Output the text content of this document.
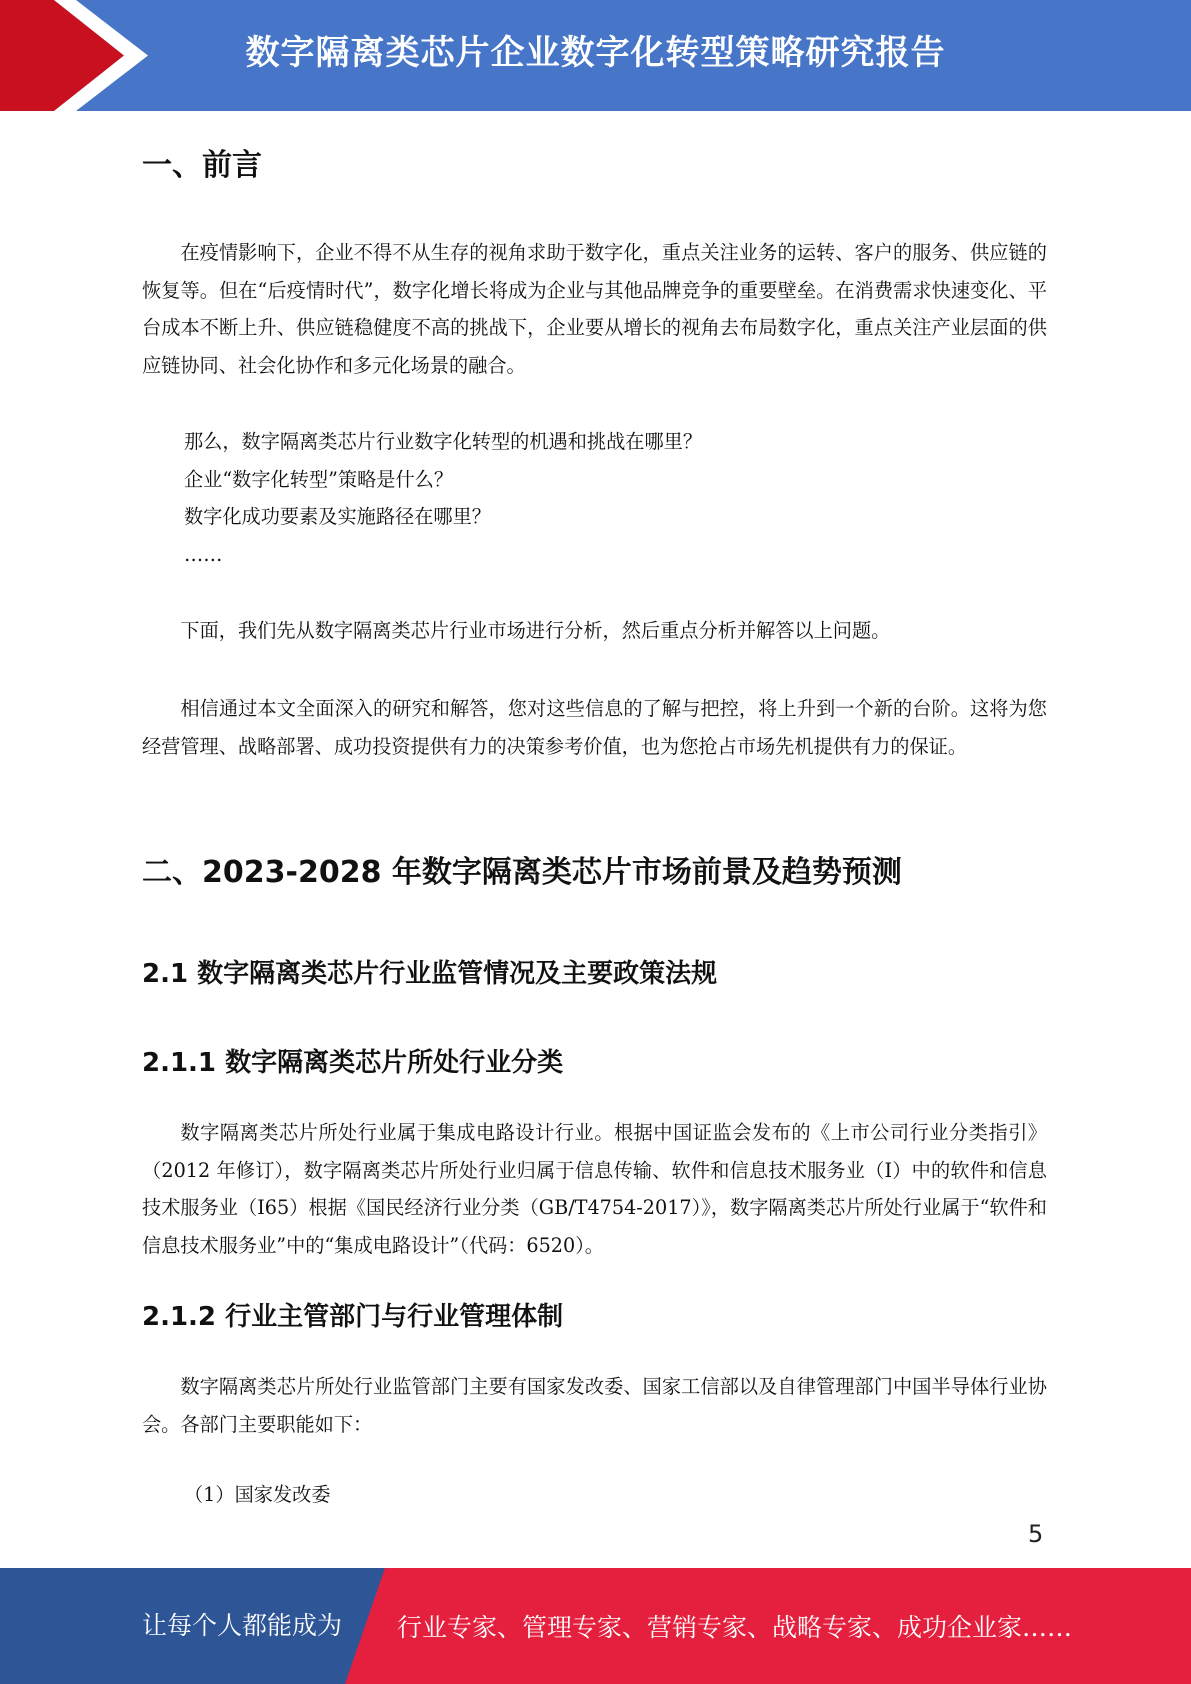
数字隔离类芯片企业数字化转型策略研究报告
一、前言

在疫情影响下，企业不得不从生存的视角求助于数字化，重点关注业务的运转、客户的服务、供应链的恢复等。但在“后疫情时代”，数字化增长将成为企业与其他品牌竞争的重要壁垒。在消费需求快速变化、平台成本不断上升、供应链稳健度不高的挑战下，企业要从增长的视角去布局数字化，重点关注产业层面的供应链协同、社会化协作和多元化场景的融合。

那么，数字隔离类芯片行业数字化转型的机遇和挑战在哪里？
企业“数字化转型”策略是什么？
数字化成功要素及实施路径在哪里？
……

下面，我们先从数字隔离类芯片行业市场进行分析，然后重点分析并解答以上问题。

相信通过本文全面深入的研究和解答，您对这些信息的了解与把控，将上升到一个新的台阶。这将为您经营管理、战略部署、成功投资提供有力的决策参考价值，也为您抢占市场先机提供有力的保证。

二、2023-2028 年数字隔离类芯片市场前景及趋势预测
2.1 数字隔离类芯片行业监管情况及主要政策法规
2.1.1 数字隔离类芯片所处行业分类

数字隔离类芯片所处行业属于集成电路设计行业。根据中国证监会发布的《上市公司行业分类指引》（2012 年修订），数字隔离类芯片所处行业归属于信息传输、软件和信息技术服务业（I）中的软件和信息技术服务业（I65）根据《国民经济行业分类（GB/T4754-2017）》，数字隔离类芯片所处行业属于“软件和信息技术服务业”中的“集成电路设计”（代码：6520）。

2.1.2 行业主管部门与行业管理体制

数字隔离类芯片所处行业监管部门主要有国家发改委、国家工信部以及自律管理部门中国半导体行业协会。各部门主要职能如下：

（1）国家发改委
5
让每个人都能成为 行业专家、管理专家、营销专家、战略专家、成功企业家……
